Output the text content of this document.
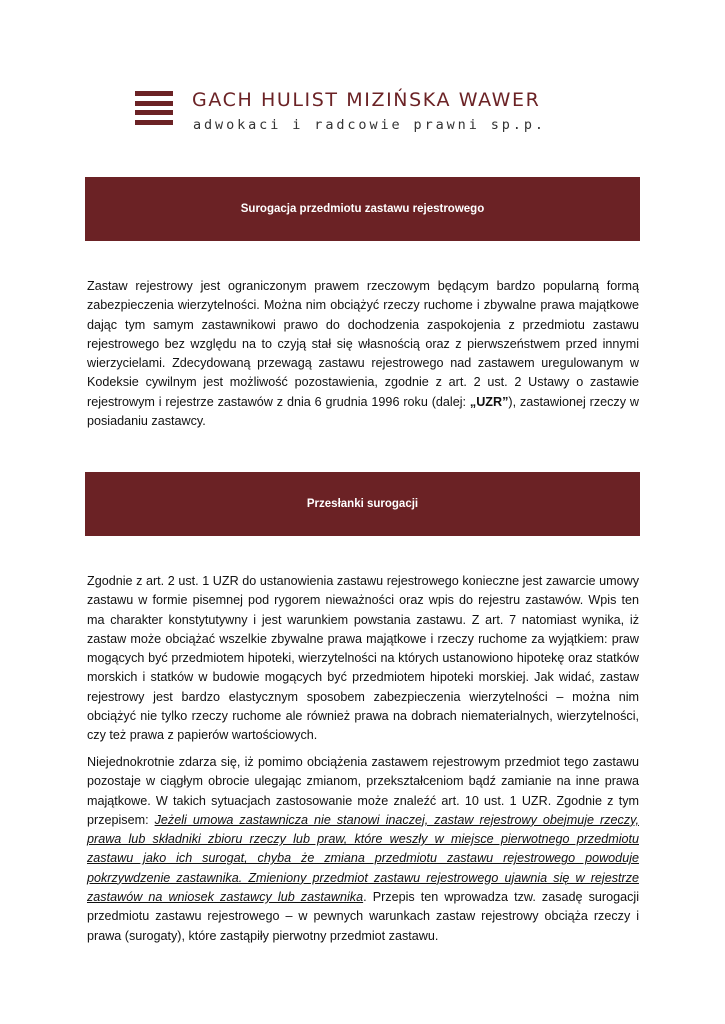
GACH HULIST MIZIŃSKA WAWER
adwokaci i radcowie prawni sp.p.
Surogacja przedmiotu zastawu rejestrowego
Zastaw rejestrowy jest ograniczonym prawem rzeczowym będącym bardzo popularną formą zabezpieczenia wierzytelności. Można nim obciążyć rzeczy ruchome i zbywalne prawa majątkowe dając tym samym zastawnikowi prawo do dochodzenia zaspokojenia z przedmiotu zastawu rejestrowego bez względu na to czyją stał się własnością oraz z pierwszeństwem przed innymi wierzycielami. Zdecydowaną przewagą zastawu rejestrowego nad zastawem uregulowanym w Kodeksie cywilnym jest możliwość pozostawienia, zgodnie z art. 2 ust. 2 Ustawy o zastawie rejestrowym i rejestrze zastawów z dnia 6 grudnia 1996 roku (dalej: „UZR”), zastawionej rzeczy w posiadaniu zastawcy.
Przesłanki surogacji
Zgodnie z art. 2 ust. 1 UZR do ustanowienia zastawu rejestrowego konieczne jest zawarcie umowy zastawu w formie pisemnej pod rygorem nieważności oraz wpis do rejestru zastawów. Wpis ten ma charakter konstytutywny i jest warunkiem powstania zastawu. Z art. 7 natomiast wynika, iż zastaw może obciążać wszelkie zbywalne prawa majątkowe i rzeczy ruchome za wyjątkiem: praw mogących być przedmiotem hipoteki, wierzytelności na których ustanowiono hipotekę oraz statków morskich i statków w budowie mogących być przedmiotem hipoteki morskiej. Jak widać, zastaw rejestrowy jest bardzo elastycznym sposobem zabezpieczenia wierzytelności – można nim obciążyć nie tylko rzeczy ruchome ale również prawa na dobrach niematerialnych, wierzytelności, czy też prawa z papierów wartościowych.
Niejednokrotnie zdarza się, iż pomimo obciążenia zastawem rejestrowym przedmiot tego zastawu pozostaje w ciągłym obrocie ulegając zmianom, przekształceniom bądź zamianie na inne prawa majątkowe. W takich sytuacjach zastosowanie może znaleźć art. 10 ust. 1 UZR. Zgodnie z tym przepisem: Jeżeli umowa zastawnicza nie stanowi inaczej, zastaw rejestrowy obejmuje rzeczy, prawa lub składniki zbioru rzeczy lub praw, które weszły w miejsce pierwotnego przedmiotu zastawu jako ich surogat, chyba że zmiana przedmiotu zastawu rejestrowego powoduje pokrzywdzenie zastawnika. Zmieniony przedmiot zastawu rejestrowego ujawnia się w rejestrze zastawów na wniosek zastawcy lub zastawnika. Przepis ten wprowadza tzw. zasadę surogacji przedmiotu zastawu rejestrowego – w pewnych warunkach zastaw rejestrowy obciąża rzeczy i prawa (surogaty), które zastąpiły pierwotny przedmiot zastawu.
